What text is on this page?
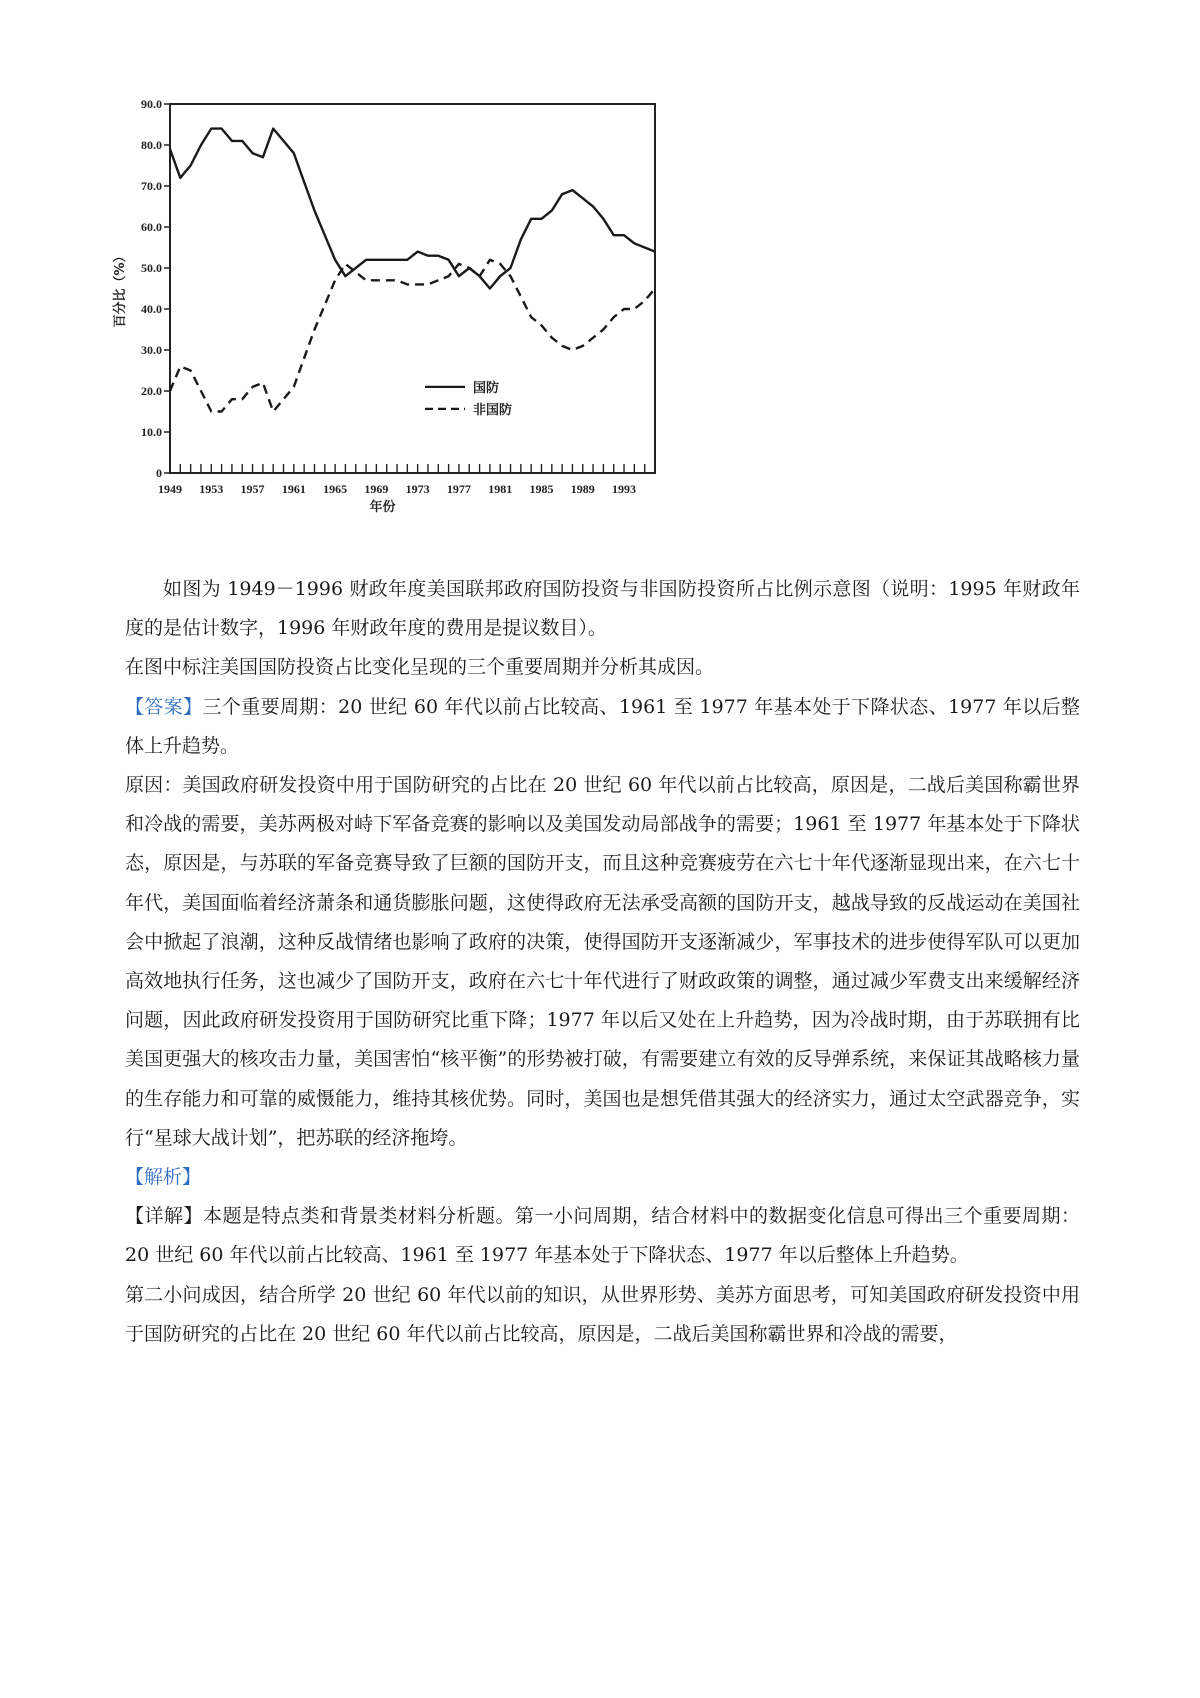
0
10.0
20.0
30.0
40.0
50.0
60.0
70.0
80.0
90.0
1949 1953 1957 1961 1965 1969 1973 1977 1981 1985 1989 1993
年份
百分比（%）
国防
非国防

如图为 1949－1996 财政年度美国联邦政府国防投资与非国防投资所占比例示意图（说明：1995 年财政年度的是估计数字，1996 年财政年度的费用是提议数目）。

在图中标注美国国防投资占比变化呈现的三个重要周期并分析其成因。

【答案】三个重要周期：20 世纪 60 年代以前占比较高、1961 至 1977 年基本处于下降状态、1977 年以后整体上升趋势。

原因：美国政府研发投资中用于国防研究的占比在 20 世纪 60 年代以前占比较高，原因是，二战后美国称霸世界和冷战的需要，美苏两极对峙下军备竞赛的影响以及美国发动局部战争的需要；1961 至 1977 年基本处于下降状态，原因是，与苏联的军备竞赛导致了巨额的国防开支，而且这种竞赛疲劳在六七十年代逐渐显现出来，在六七十年代，美国面临着经济萧条和通货膨胀问题，这使得政府无法承受高额的国防开支，越战导致的反战运动在美国社会中掀起了浪潮，这种反战情绪也影响了政府的决策，使得国防开支逐渐减少，军事技术的进步使得军队可以更加高效地执行任务，这也减少了国防开支，政府在六七十年代进行了财政政策的调整，通过减少军费支出来缓解经济问题，因此政府研发投资用于国防研究比重下降；1977 年以后又处在上升趋势，因为冷战时期，由于苏联拥有比美国更强大的核攻击力量，美国害怕“核平衡”的形势被打破，有需要建立有效的反导弹系统，来保证其战略核力量的生存能力和可靠的威慑能力，维持其核优势。同时，美国也是想凭借其强大的经济实力，通过太空武器竞争，实行“星球大战计划”，把苏联的经济拖垮。

【解析】

【详解】本题是特点类和背景类材料分析题。第一小问周期，结合材料中的数据变化信息可得出三个重要周期：20 世纪 60 年代以前占比较高、1961 至 1977 年基本处于下降状态、1977 年以后整体上升趋势。

第二小问成因，结合所学 20 世纪 60 年代以前的知识，从世界形势、美苏方面思考，可知美国政府研发投资中用于国防研究的占比在 20 世纪 60 年代以前占比较高，原因是，二战后美国称霸世界和冷战的需要，
